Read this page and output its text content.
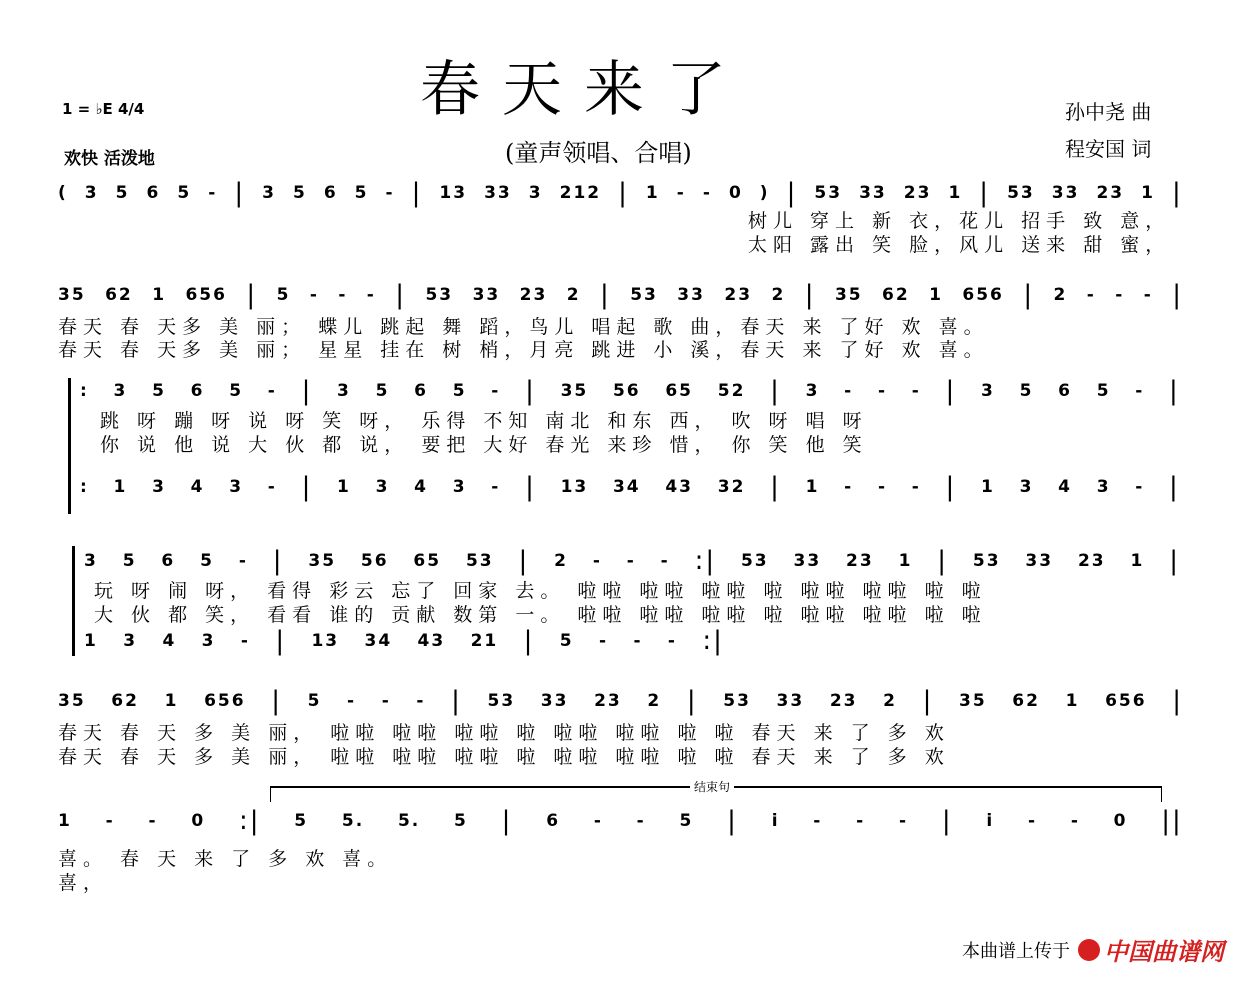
春天来了
(童声领唱、合唱)
1 = ♭E 4/4
欢快 活泼地
孙中尧 曲
程安国 词
( 3 5 6 5 - | 3 5 6 5 - | 13 33 3 212 | 1 - - 0 ) | 53 33 23 1 | 53 33 23 1 |
树儿 穿上 新 衣，花儿 招手 致 意，
太阳 露出 笑 脸，风儿 送来 甜 蜜，
35 62 1 656 | 5 - - - | 53 33 23 2 | 53 33 23 2 | 35 62 1 656 | 2 - - - |
春天 春 天多 美 丽； 蝶儿 跳起 舞 蹈，鸟儿 唱起 歌 曲，春天 来 了好 欢 喜。
春天 春 天多 美 丽； 星星 挂在 树 梢，月亮 跳进 小 溪，春天 来 了好 欢 喜。
: 3 5 6 5 - | 3 5 6 5 - | 35 56 65 52 | 3 - - - | 3 5 6 5 - |
跳 呀 蹦 呀 说 呀 笑 呀， 乐得 不知 南北 和东 西， 吹 呀 唱 呀
你 说 他 说 大 伙 都 说， 要把 大好 春光 来珍 惜， 你 笑 他 笑
: 1 3 4 3 - | 1 3 4 3 - | 13 34 43 32 | 1 - - - | 1 3 4 3 - |
3 5 6 5 - | 35 56 65 53 | 2 - - - :| 53 33 23 1 | 53 33 23 1 |
玩 呀 闹 呀， 看得 彩云 忘了 回家 去。 啦啦 啦啦 啦啦 啦 啦啦 啦啦 啦 啦
大 伙 都 笑， 看看 谁的 贡献 数第 一。 啦啦 啦啦 啦啦 啦 啦啦 啦啦 啦 啦
1 3 4 3 - | 13 34 43 21 | 5 - - - :|
35 62 1 656 | 5 - - - | 53 33 23 2 | 53 33 23 2 | 35 62 1 656 |
春天 春 天 多 美 丽， 啦啦 啦啦 啦啦 啦 啦啦 啦啦 啦 啦 春天 来 了 多 欢
春天 春 天 多 美 丽， 啦啦 啦啦 啦啦 啦 啦啦 啦啦 啦 啦 春天 来 了 多 欢
结束句
1 - - 0 :| 5 5. 5. 5 | 6 - - 5 | i - - - | i - - 0 ||
喜。 春 天 来 了 多 欢 喜。
喜，
本曲谱上传于 中国曲谱网
